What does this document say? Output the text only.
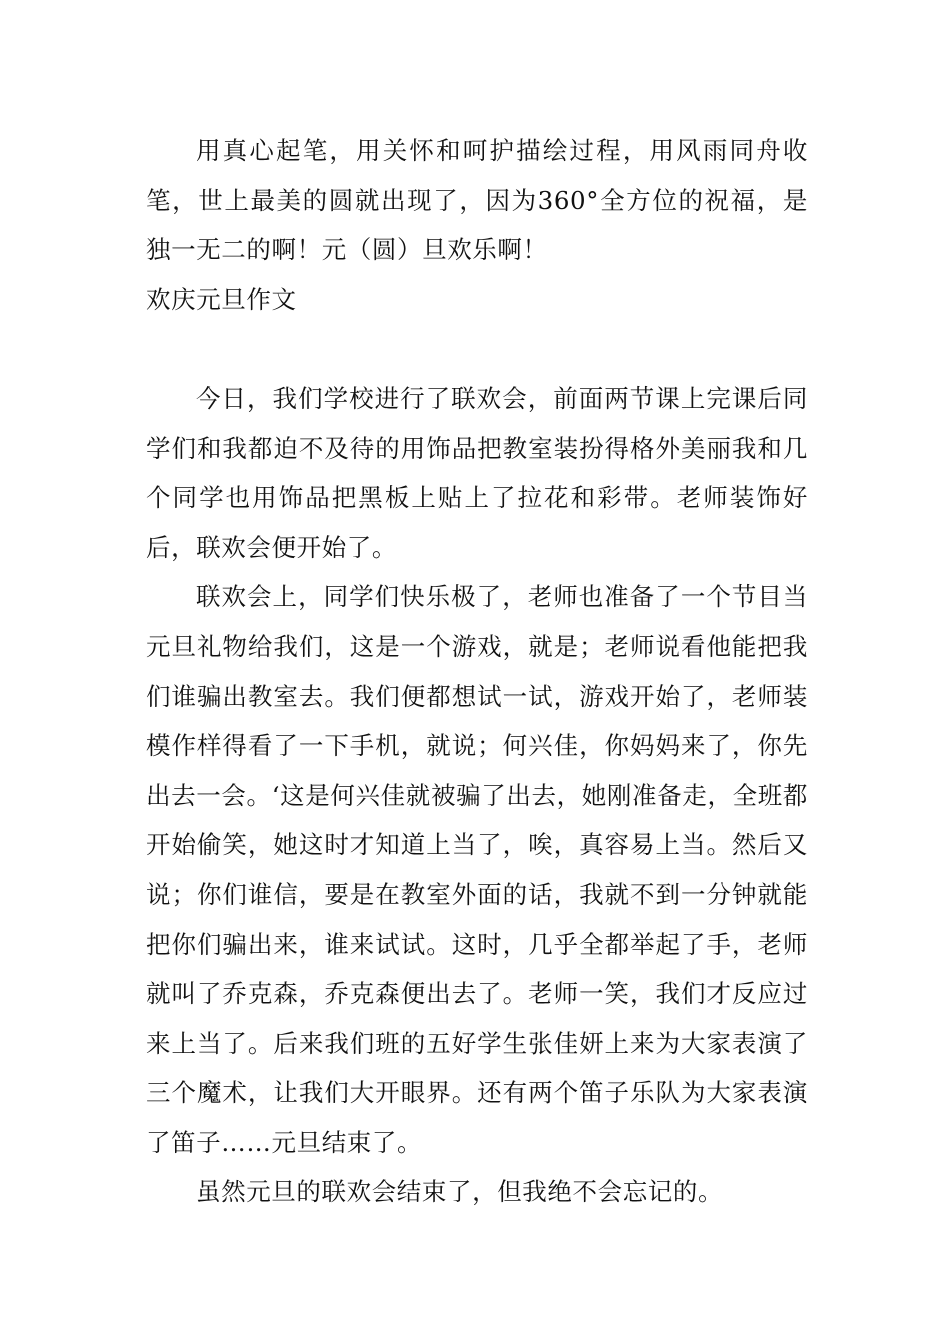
用真心起笔，用关怀和呵护描绘过程，用风雨同舟收笔，世上最美的圆就出现了，因为360°全方位的祝福，是独一无二的啊！元（圆）旦欢乐啊！

欢庆元旦作文

今日，我们学校进行了联欢会，前面两节课上完课后同学们和我都迫不及待的用饰品把教室装扮得格外美丽我和几个同学也用饰品把黑板上贴上了拉花和彩带。老师装饰好后，联欢会便开始了。

联欢会上，同学们快乐极了，老师也准备了一个节目当元旦礼物给我们，这是一个游戏，就是；老师说看他能把我们谁骗出教室去。我们便都想试一试，游戏开始了，老师装模作样得看了一下手机，就说；何兴佳，你妈妈来了，你先出去一会。‘这是何兴佳就被骗了出去，她刚准备走，全班都开始偷笑，她这时才知道上当了，唉，真容易上当。然后又说；你们谁信，要是在教室外面的话，我就不到一分钟就能把你们骗出来，谁来试试。这时，几乎全都举起了手，老师就叫了乔克森，乔克森便出去了。老师一笑，我们才反应过来上当了。后来我们班的五好学生张佳妍上来为大家表演了三个魔术，让我们大开眼界。还有两个笛子乐队为大家表演了笛子……元旦结束了。

虽然元旦的联欢会结束了，但我绝不会忘记的。
